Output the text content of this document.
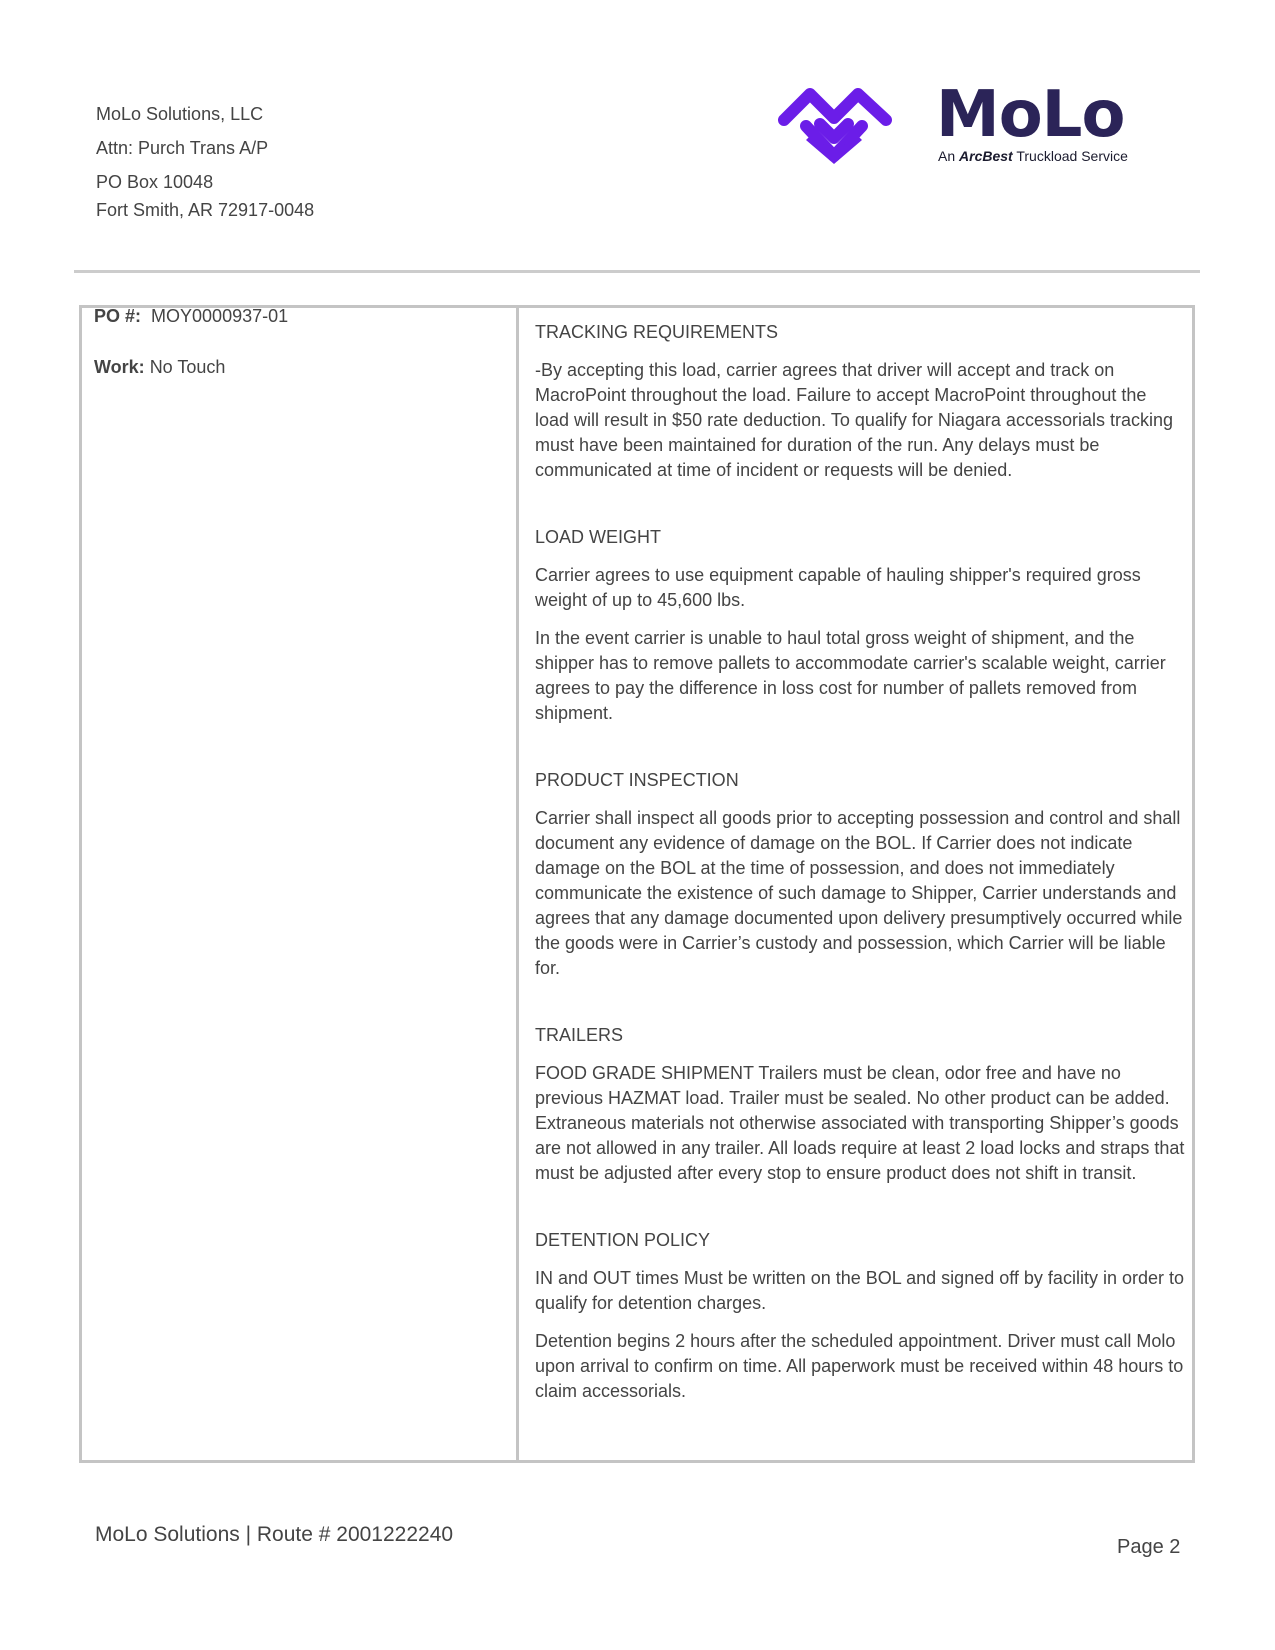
MoLo Solutions, LLC
Attn: Purch Trans A/P
PO Box 10048
Fort Smith, AR 72917-0048
MoLo
An ArcBest Truckload Service
PO #: MOY0000937-01
Work: No Touch
TRACKING REQUIREMENTS

-By accepting this load, carrier agrees that driver will accept and track on MacroPoint throughout the load. Failure to accept MacroPoint throughout the load will result in $50 rate deduction. To qualify for Niagara accessorials tracking must have been maintained for duration of the run. Any delays must be communicated at time of incident or requests will be denied.

LOAD WEIGHT

Carrier agrees to use equipment capable of hauling shipper's required gross weight of up to 45,600 lbs.

In the event carrier is unable to haul total gross weight of shipment, and the shipper has to remove pallets to accommodate carrier's scalable weight, carrier agrees to pay the difference in loss cost for number of pallets removed from shipment.

PRODUCT INSPECTION

Carrier shall inspect all goods prior to accepting possession and control and shall document any evidence of damage on the BOL. If Carrier does not indicate damage on the BOL at the time of possession, and does not immediately communicate the existence of such damage to Shipper, Carrier understands and agrees that any damage documented upon delivery presumptively occurred while the goods were in Carrier’s custody and possession, which Carrier will be liable for.

TRAILERS

FOOD GRADE SHIPMENT Trailers must be clean, odor free and have no previous HAZMAT load. Trailer must be sealed. No other product can be added. Extraneous materials not otherwise associated with transporting Shipper’s goods are not allowed in any trailer. All loads require at least 2 load locks and straps that must be adjusted after every stop to ensure product does not shift in transit.

DETENTION POLICY

IN and OUT times Must be written on the BOL and signed off by facility in order to qualify for detention charges.

Detention begins 2 hours after the scheduled appointment. Driver must call Molo upon arrival to confirm on time. All paperwork must be received within 48 hours to claim accessorials.

MoLo Solutions | Route # 2001222240
Page 2
